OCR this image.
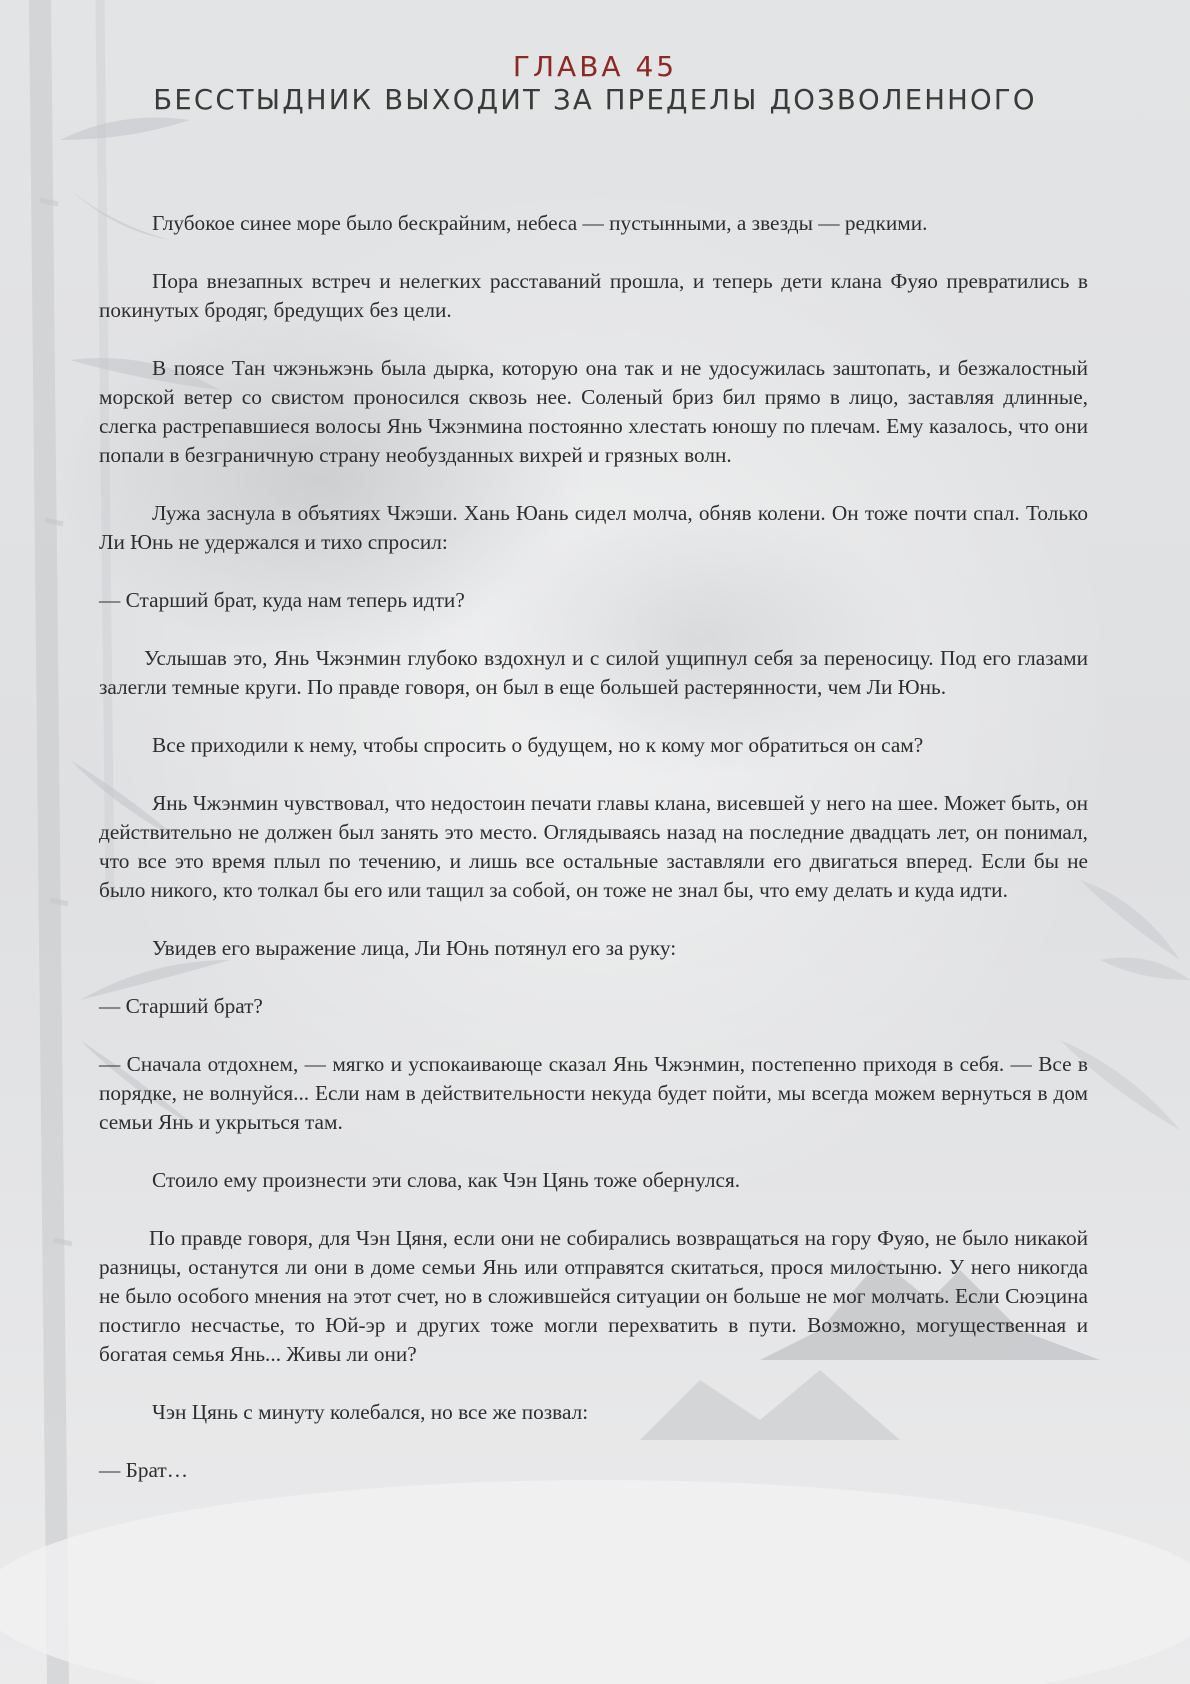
ГЛАВА 45
БЕССТЫДНИК ВЫХОДИТ ЗА ПРЕДЕЛЫ ДОЗВОЛЕННОГО

Глубокое синее море было бескрайним, небеса — пустынными, а звезды — редкими.

Пора внезапных встреч и нелегких расставаний прошла, и теперь дети клана Фуяо превратились в покинутых бродяг, бредущих без цели.

В поясе Тан чжэньжэнь была дырка, которую она так и не удосужилась заштопать, и безжалостный морской ветер со свистом проносился сквозь нее. Соленый бриз бил прямо в лицо, заставляя длинные, слегка растрепавшиеся волосы Янь Чжэнмина постоянно хлестать юношу по плечам. Ему казалось, что они попали в безграничную страну необузданных вихрей и грязных волн.

Лужа заснула в объятиях Чжэши. Хань Юань сидел молча, обняв колени. Он тоже почти спал. Только Ли Юнь не удержался и тихо спросил:

— Старший брат, куда нам теперь идти?

Услышав это, Янь Чжэнмин глубоко вздохнул и с силой ущипнул себя за переносицу. Под его глазами залегли темные круги. По правде говоря, он был в еще большей растерянности, чем Ли Юнь.

Все приходили к нему, чтобы спросить о будущем, но к кому мог обратиться он сам?

Янь Чжэнмин чувствовал, что недостоин печати главы клана, висевшей у него на шее. Может быть, он действительно не должен был занять это место. Оглядываясь назад на последние двадцать лет, он понимал, что все это время плыл по течению, и лишь все остальные заставляли его двигаться вперед. Если бы не было никого, кто толкал бы его или тащил за собой, он тоже не знал бы, что ему делать и куда идти.

Увидев его выражение лица, Ли Юнь потянул его за руку:

— Старший брат?

— Сначала отдохнем, — мягко и успокаивающе сказал Янь Чжэнмин, постепенно приходя в себя. — Все в порядке, не волнуйся... Если нам в действительности некуда будет пойти, мы всегда можем вернуться в дом семьи Янь и укрыться там.

Стоило ему произнести эти слова, как Чэн Цянь тоже обернулся.

По правде говоря, для Чэн Цяня, если они не собирались возвращаться на гору Фуяо, не было никакой разницы, останутся ли они в доме семьи Янь или отправятся скитаться, прося милостыню. У него никогда не было особого мнения на этот счет, но в сложившейся ситуации он больше не мог молчать. Если Сюэцина постигло несчастье, то Юй-эр и других тоже могли перехватить в пути. Возможно, могущественная и богатая семья Янь... Живы ли они?

Чэн Цянь с минуту колебался, но все же позвал:

— Брат…
